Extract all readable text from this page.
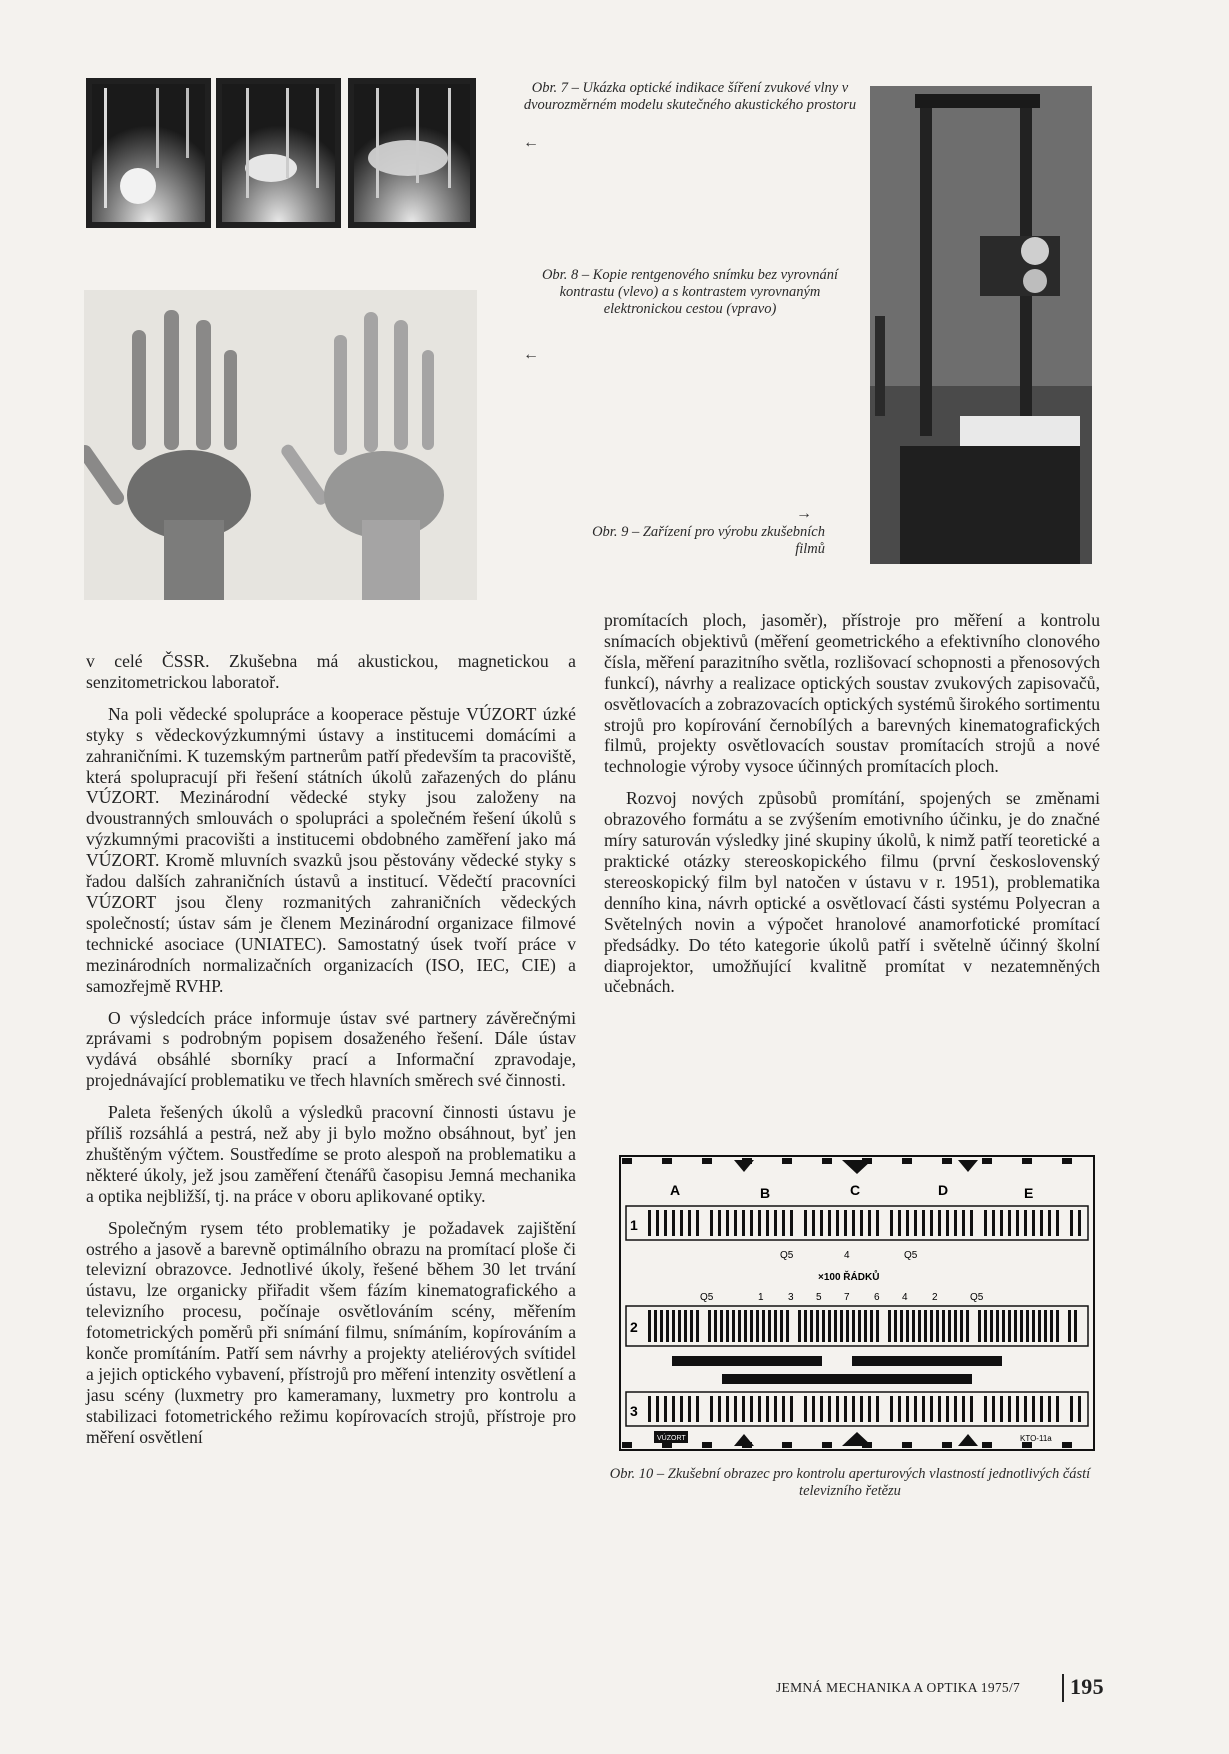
Obr. 7 – Ukázka optické indikace šíření zvukové vlny v dvourozměrném modelu skutečného akustického prostoru

←

Obr. 8 – Kopie rentgenového snímku bez vyrovnání kontrastu (vlevo) a s kontrastem vyrovnaným elektronickou cestou (vpravo)

←
→

Obr. 9 – Zařízení pro výrobu zkušebních filmů

v celé ČSSR. Zkušebna má akustickou, magnetickou a senzitometrickou laboratoř.

Na poli vědecké spolupráce a kooperace pěstuje VÚZORT úzké styky s vědeckovýzkumnými ústavy a institucemi domácími a zahraničními. K tuzemským partnerům patří především ta pracoviště, která spolupracují při řešení státních úkolů zařazených do plánu VÚZORT. Mezinárodní vědecké styky jsou založeny na dvoustranných smlouvách o spolupráci a společném řešení úkolů s výzkumnými pracovišti a institucemi obdobného zaměření jako má VÚZORT. Kromě mluvních svazků jsou pěstovány vědecké styky s řadou dalších zahraničních ústavů a institucí. Vědečtí pracovníci VÚZORT jsou členy rozmanitých zahraničních vědeckých společností; ústav sám je členem Mezinárodní organizace filmové technické asociace (UNIATEC). Samostatný úsek tvoří práce v mezinárodních normalizačních organizacích (ISO, IEC, CIE) a samozřejmě RVHP.

O výsledcích práce informuje ústav své partnery závěrečnými zprávami s podrobným popisem dosaženého řešení. Dále ústav vydává obsáhlé sborníky prací a Informační zpravodaje, projednávající problematiku ve třech hlavních směrech své činnosti.

Paleta řešených úkolů a výsledků pracovní činnosti ústavu je příliš rozsáhlá a pestrá, než aby ji bylo možno obsáhnout, byť jen zhuštěným výčtem. Soustředíme se proto alespoň na problematiku a některé úkoly, jež jsou zaměření čtenářů časopisu Jemná mechanika a optika nejbližší, tj. na práce v oboru aplikované optiky.

Společným rysem této problematiky je požadavek zajištění ostrého a jasově a barevně optimálního obrazu na promítací ploše či televizní obrazovce. Jednotlivé úkoly, řešené během 30 let trvání ústavu, lze organicky přiřadit všem fázím kinematografického a televizního procesu, počínaje osvětlováním scény, měřením fotometrických poměrů při snímání filmu, snímáním, kopírováním a konče promítáním. Patří sem návrhy a projekty ateliérových svítidel a jejich optického vybavení, přístrojů pro měření intenzity osvětlení a jasu scény (luxmetry pro kameramany, luxmetry pro kontrolu a stabilizaci fotometrického režimu kopírovacích strojů, přístroje pro měření osvětlení

promítacích ploch, jasoměr), přístroje pro měření a kontrolu snímacích objektivů (měření geometrického a efektivního clonového čísla, měření parazitního světla, rozlišovací schopnosti a přenosových funkcí), návrhy a realizace optických soustav zvukových zapisovačů, osvětlovacích a zobrazovacích optických systémů širokého sortimentu strojů pro kopírování černobílých a barevných kinematografických filmů, projekty osvětlovacích soustav promítacích strojů a nové technologie výroby vysoce účinných promítacích ploch.

Rozvoj nových způsobů promítání, spojených se změnami obrazového formátu a se zvýšením emotivního účinku, je do značné míry saturován výsledky jiné skupiny úkolů, k nimž patří teoretické a praktické otázky stereoskopického filmu (první československý stereoskopický film byl natočen v ústavu v r. 1951), problematika denního kina, návrh optické a osvětlovací části systému Polyecran a Světelných novin a výpočet hranolové anamorfotické promítací předsádky. Do této kategorie úkolů patří i světelně účinný školní diaprojektor, umožňující kvalitně promítat v nezatemněných učebnách.

A	B	C	D	E
1
Q5	4	Q5
×100 ŘÁDKŮ
Q5	1 3 5 7 6 4 2	Q5
2
3
VÚZORT	KTO-11a

Obr. 10 – Zkušební obrazec pro kontrolu aperturových vlastností jednotlivých částí televizního řetězu

JEMNÁ MECHANIKA A OPTIKA 1975/7 195
